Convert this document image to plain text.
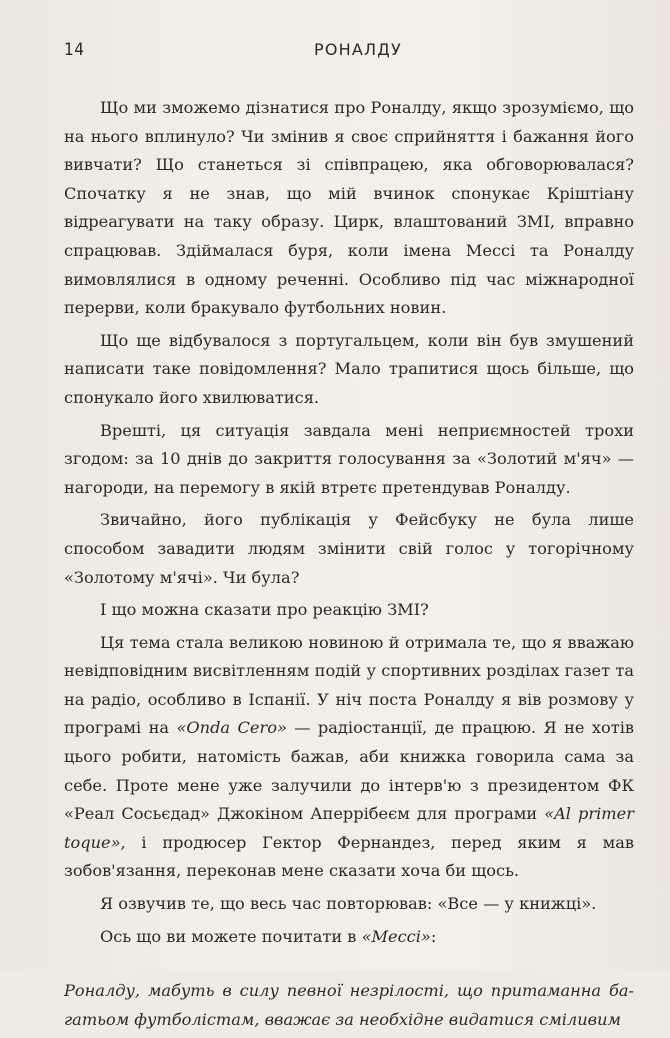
14	РОНАЛДУ

Що ми зможемо дізнатися про Роналду, якщо зрозуміємо, що на нього вплинуло? Чи змінив я своє сприйняття і бажання його вивчати? Що станеться зі співпрацею, яка обговорювалася? Спочатку я не знав, що мій вчинок спонукає Кріштіану відреагувати на таку образу. Цирк, влаштований ЗМІ, вправно спрацював. Здіймалася буря, коли імена Мессі та Роналду вимовлялися в одному реченні. Особливо під час міжнародної перерви, коли бракувало футбольних новин.

Що ще відбувалося з португальцем, коли він був змушений написати таке повідомлення? Мало трапитися щось більше, що спонукало його хвилюватися.

Врешті, ця ситуація завдала мені неприємностей трохи згодом: за 10 днів до закриття голосування за «Золотий м'яч» — нагороди, на перемогу в якій втретє претендував Роналду.

Звичайно, його публікація у Фейсбуку не була лише способом завадити людям змінити свій голос у тогорічному «Золотому м'ячі». Чи була?

І що можна сказати про реакцію ЗМІ?

Ця тема стала великою новиною й отримала те, що я вважаю невідповідним висвітленням подій у спортивних розділах газет та на радіо, особливо в Іспанії. У ніч поста Роналду я вів розмову у програмі на «Onda Cero» — радіостанції, де працюю. Я не хотів цього робити, натомість бажав, аби книжка говорила сама за себе. Проте мене уже залучили до інтерв'ю з президентом ФК «Реал Сосьєдад» Джокіном Аперрібеєм для програми «Al primer toque», і продюсер Гектор Фернандез, перед яким я мав зобов'язання, переконав мене сказати хоча би щось.

Я озвучив те, що весь час повторював: «Все — у книжці».

Ось що ви можете почитати в «Мессі»:

Роналду, мабуть в силу певної незрілості, що притаманна багатьом футболістам, вважає за необхідне видатися сміливим
